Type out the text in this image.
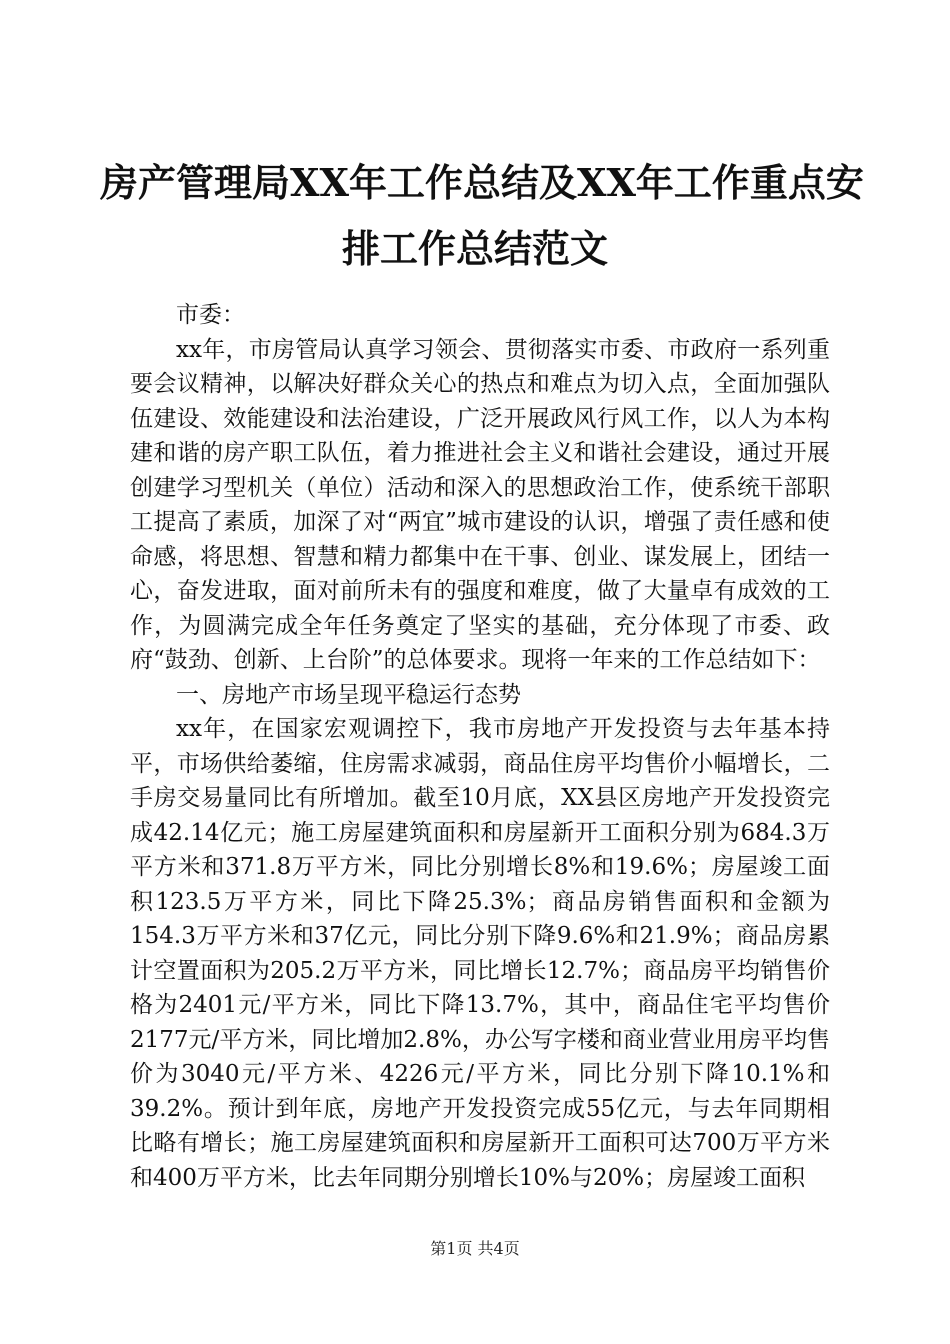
房产管理局XX年工作总结及XX年工作重点安
排工作总结范文

市委：

xx年，市房管局认真学习领会、贯彻落实市委、市政府一系列重要会议精神，以解决好群众关心的热点和难点为切入点，全面加强队伍建设、效能建设和法治建设，广泛开展政风行风工作，以人为本构建和谐的房产职工队伍，着力推进社会主义和谐社会建设，通过开展创建学习型机关（单位）活动和深入的思想政治工作，使系统干部职工提高了素质，加深了对“两宜”城市建设的认识，增强了责任感和使命感，将思想、智慧和精力都集中在干事、创业、谋发展上，团结一心，奋发进取，面对前所未有的强度和难度，做了大量卓有成效的工作，为圆满完成全年任务奠定了坚实的基础，充分体现了市委、政府“鼓劲、创新、上台阶”的总体要求。现将一年来的工作总结如下：

一、房地产市场呈现平稳运行态势

xx年，在国家宏观调控下，我市房地产开发投资与去年基本持平，市场供给萎缩，住房需求减弱，商品住房平均售价小幅增长，二手房交易量同比有所增加。截至10月底，XX县区房地产开发投资完成42.14亿元；施工房屋建筑面积和房屋新开工面积分别为684.3万平方米和371.8万平方米，同比分别增长8%和19.6%；房屋竣工面积123.5万平方米，同比下降25.3%；商品房销售面积和金额为154.3万平方米和37亿元，同比分别下降9.6%和21.9%；商品房累计空置面积为205.2万平方米，同比增长12.7%；商品房平均销售价格为2401元/平方米，同比下降13.7%，其中，商品住宅平均售价2177元/平方米，同比增加2.8%，办公写字楼和商业营业用房平均售价为3040元/平方米、4226元/平方米，同比分别下降10.1%和39.2%。预计到年底，房地产开发投资完成55亿元，与去年同期相比略有增长；施工房屋建筑面积和房屋新开工面积可达700万平方米和400万平方米，比去年同期分别增长10%与20%；房屋竣工面积

第1页 共4页
